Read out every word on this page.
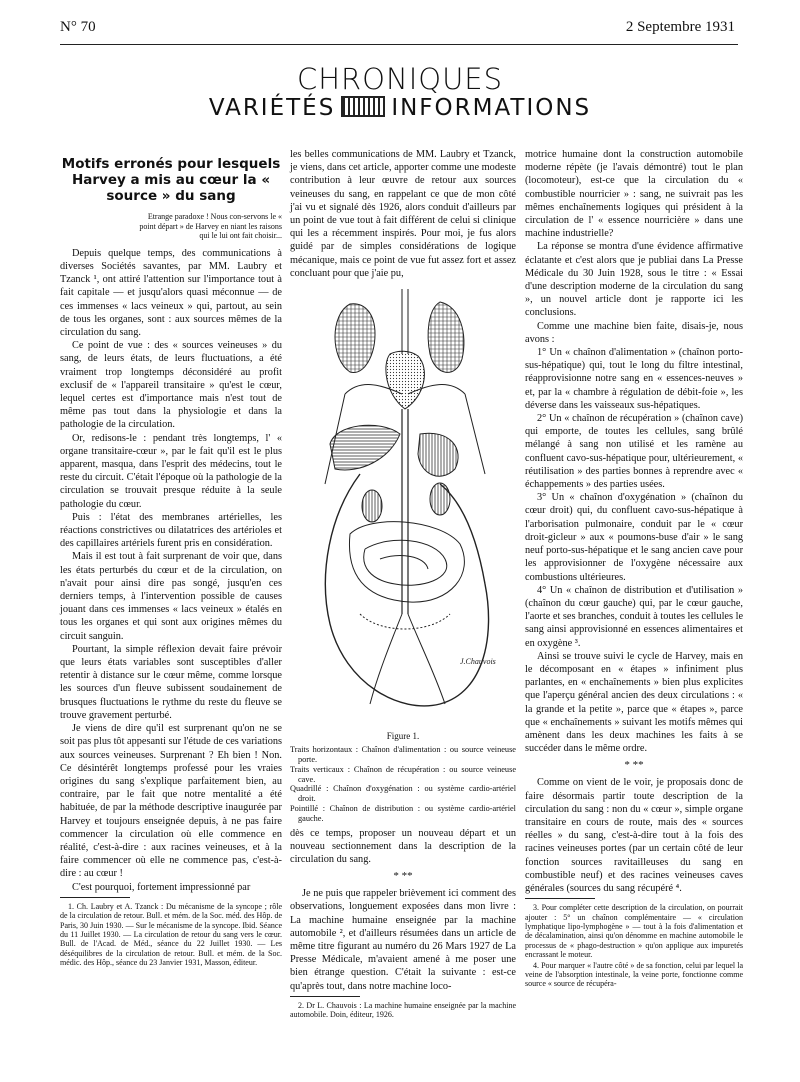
N° 70	2 Septembre 1931
CHRONIQUES
VARIÉTÉS INFORMATIONS
Motifs erronés pour lesquels Harvey a mis au cœur la « source » du sang
Etrange paradoxe ! Nous con-servons le « point départ » de Harvey en niant les raisons qui le lui ont fait choisir...

Depuis quelque temps, des communications à diverses Sociétés savantes, par MM. Laubry et Tzanck ¹, ont attiré l'attention sur l'importance tout à fait capitale — et jusqu'alors quasi méconnue — de ces immenses « lacs veineux » qui, partout, au sein de tous les organes, sont : aux sources mêmes de la circulation du sang.

Ce point de vue : des « sources veineuses » du sang, de leurs états, de leurs fluctuations, a été vraiment trop longtemps déconsidéré au profit exclusif de « l'appareil transitaire » qu'est le cœur, lequel certes est d'importance mais n'est tout de même pas tout dans la physiologie et dans la pathologie de la circulation.

Or, redisons-le : pendant très longtemps, l' « organe transitaire-cœur », par le fait qu'il est le plus apparent, masqua, dans l'esprit des médecins, tout le reste du circuit. C'était l'époque où la pathologie de la circulation se trouvait presque réduite à la seule pathologie du cœur.

Puis : l'état des membranes artérielles, les réactions constrictives ou dilatatrices des artérioles et des capillaires artériels furent pris en considération.

Mais il est tout à fait surprenant de voir que, dans les états perturbés du cœur et de la circulation, on n'avait pour ainsi dire pas songé, jusqu'en ces derniers temps, à l'intervention possible de causes jouant dans ces immenses « lacs veineux » étalés en tous les organes et qui sont aux origines mêmes du circuit sanguin.

Pourtant, la simple réflexion devait faire prévoir que leurs états variables sont susceptibles d'aller retentir à distance sur le cœur même, comme lorsque les sources d'un fleuve subissent soudainement de brusques fluctuations le rythme du reste du fleuve se trouve gravement perturbé.

Je viens de dire qu'il est surprenant qu'on ne se soit pas plus tôt appesanti sur l'étude de ces variations aux sources veineuses. Surprenant ? Eh bien ! Non. Ce désintérêt longtemps professé pour les vraies origines du sang s'explique parfaitement bien, au contraire, par le fait que notre mentalité a été habituée, de par la méthode descriptive inaugurée par Harvey et toujours enseignée depuis, à ne pas faire commencer la circulation où elle commence en réalité, c'est-à-dire : aux racines veineuses, et à la faire commencer où elle ne commence pas, c'est-à-dire : au cœur !

C'est pourquoi, fortement impressionné par

1. Ch. Laubry et A. Tzanck : Du mécanisme de la syncope ; rôle de la circulation de retour. Bull. et mém. de la Soc. méd. des Hôp. de Paris, 30 Juin 1930. — Sur le mécanisme de la syncope. Ibid. Séance du 11 Juillet 1930. — La circulation de retour du sang vers le cœur. Bull. de l'Acad. de Méd., séance du 22 Juillet 1930. — Les déséquilibres de la circulation de retour. Bull. et mém. de la Soc. médic. des Hôp., séance du 23 Janvier 1931, Masson, éditeur.

les belles communications de MM. Laubry et Tzanck, je viens, dans cet article, apporter comme une modeste contribution à leur œuvre de retour aux sources veineuses du sang, en rappelant ce que de mon côté j'ai vu et signalé dès 1926, alors conduit d'ailleurs par un point de vue tout à fait différent de celui si clinique qui les a récemment inspirés. Pour moi, je fus alors guidé par de simples considérations de logique mécanique, mais ce point de vue fut assez fort et assez concluant pour que j'aie pu,

J.Chauvois
Figure 1.
Traits horizontaux : Chaînon d'alimentation : ou source veineuse porte.
Traits verticaux : Chaînon de récupération : ou source veineuse cave.
Quadrillé : Chaînon d'oxygénation : ou système cardio-artériel droit.
Pointillé : Chaînon de distribution : ou système cardio-artériel gauche.

dès ce temps, proposer un nouveau départ et un nouveau sectionnement dans la description de la circulation du sang.

* **

Je ne puis que rappeler brièvement ici comment des observations, longuement exposées dans mon livre : La machine humaine enseignée par la machine automobile ², et d'ailleurs résumées dans un article de même titre figurant au numéro du 26 Mars 1927 de La Presse Médicale, m'avaient amené à me poser une bien étrange question. C'était la suivante : est-ce qu'après tout, dans notre machine loco-

2. Dr L. Chauvois : La machine humaine enseignée par la machine automobile. Doin, éditeur, 1926.

motrice humaine dont la construction automobile moderne répète (je l'avais démontré) tout le plan (locomoteur), est-ce que la circulation du « combustible nourricier » : sang, ne suivrait pas les mêmes enchaînements logiques qui président à la circulation de l' « essence nourricière » dans une machine industrielle?

La réponse se montra d'une évidence affirmative éclatante et c'est alors que je publiai dans La Presse Médicale du 30 Juin 1928, sous le titre : « Essai d'une description moderne de la circulation du sang », un nouvel article dont je rapporte ici les conclusions.

Comme une machine bien faite, disais-je, nous avons :

1° Un « chaînon d'alimentation » (chaînon porto-sus-hépatique) qui, tout le long du filtre intestinal, réapprovisionne notre sang en « essences-neuves » et, par la « chambre à régulation de débit-foie », les déverse dans les vaisseaux sus-hépatiques.

2° Un « chaînon de récupération » (chaînon cave) qui emporte, de toutes les cellules, sang brûlé mélangé à sang non utilisé et les ramène au confluent cavo-sus-hépatique pour, ultérieurement, « réutilisation » des parties bonnes à reprendre avec « échappements » des parties usées.

3° Un « chaînon d'oxygénation » (chaînon du cœur droit) qui, du confluent cavo-sus-hépatique à l'arborisation pulmonaire, conduit par le « cœur droit-gicleur » aux « poumons-buse d'air » le sang neuf porto-sus-hépatique et le sang ancien cave pour les approvisionner de l'oxygène nécessaire aux combustions ultérieures.

4° Un « chaînon de distribution et d'utilisation » (chaînon du cœur gauche) qui, par le cœur gauche, l'aorte et ses branches, conduit à toutes les cellules le sang ainsi approvisionné en essences alimentaires et en oxygène ³.

Ainsi se trouve suivi le cycle de Harvey, mais en le décomposant en « étapes » infiniment plus parlantes, en « enchaînements » bien plus explicites que l'aperçu général ancien des deux circulations : « la grande et la petite », parce que « étapes », parce que « enchaînements » suivant les motifs mêmes qui amènent dans les deux machines les faits à se succéder dans le même ordre.

* **

Comme on vient de le voir, je proposais donc de faire désormais partir toute description de la circulation du sang : non du « cœur », simple organe transitaire en cours de route, mais des « sources réelles » du sang, c'est-à-dire tout à la fois des racines veineuses portes (par un certain côté de leur fonction sources ravitailleuses du sang en combustible neuf) et des racines veineuses caves générales (sources du sang récupéré ⁴.

3. Pour compléter cette description de la circulation, on pourrait ajouter : 5° un chaînon complémentaire — « circulation lymphatique lipo-lymphogène » — tout à la fois d'alimentation et de décalamination, ainsi qu'on dénomme en machine automobile le processus de « phago-destruction » qu'on applique aux impuretés encrassant le moteur.

4. Pour marquer « l'autre côté » de sa fonction, celui par lequel la veine de l'absorption intestinale, la veine porte, fonctionne comme source « source de récupéra-
